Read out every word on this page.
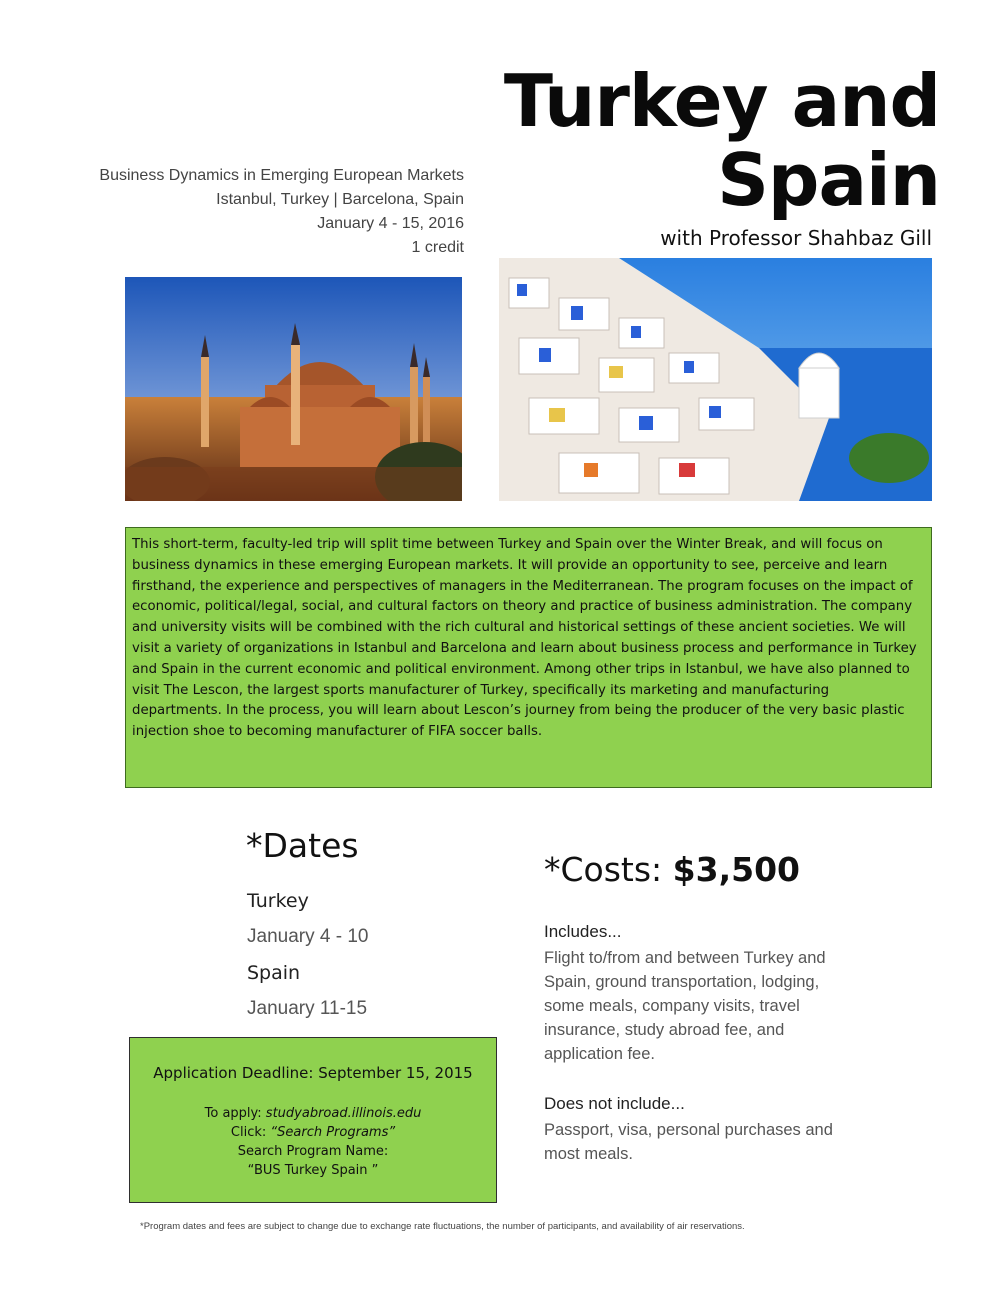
Turkey and Spain
Business Dynamics in Emerging European Markets
Istanbul, Turkey | Barcelona, Spain
January 4 - 15, 2016
1 credit	with Professor Shahbaz Gill
This short-term, faculty-led trip will split time between Turkey and Spain over the Winter Break, and will focus on business dynamics in these emerging European markets. It will provide an opportunity to see, perceive and learn firsthand, the experience and perspectives of managers in the Mediterranean. The program focuses on the impact of economic, political/legal, social, and cultural factors on theory and practice of business administration. The company and university visits will be combined with the rich cultural and historical settings of these ancient societies. We will visit a variety of organizations in Istanbul and Barcelona and learn about business process and performance in Turkey and Spain in the current economic and political environment. Among other trips in Istanbul, we have also planned to visit The Lescon, the largest sports manufacturer of Turkey, specifically its marketing and manufacturing departments. In the process, you will learn about Lescon’s journey from being the producer of the very basic plastic injection shoe to becoming manufacturer of FIFA soccer balls.
*Dates
Turkey
January 4 - 10
Spain
January 11-15
*Costs: $3,500
Includes...
Flight to/from and between Turkey and Spain, ground transportation, lodging, some meals, company visits, travel insurance, study abroad fee, and application fee.
Does not include...
Passport, visa, personal purchases and most meals.
Application Deadline: September 15, 2015
To apply: studyabroad.illinois.edu
Click: “Search Programs”
Search Program Name:
“BUS Turkey Spain ”
*Program dates and fees are subject to change due to exchange rate fluctuations, the number of participants, and availability of air reservations.
